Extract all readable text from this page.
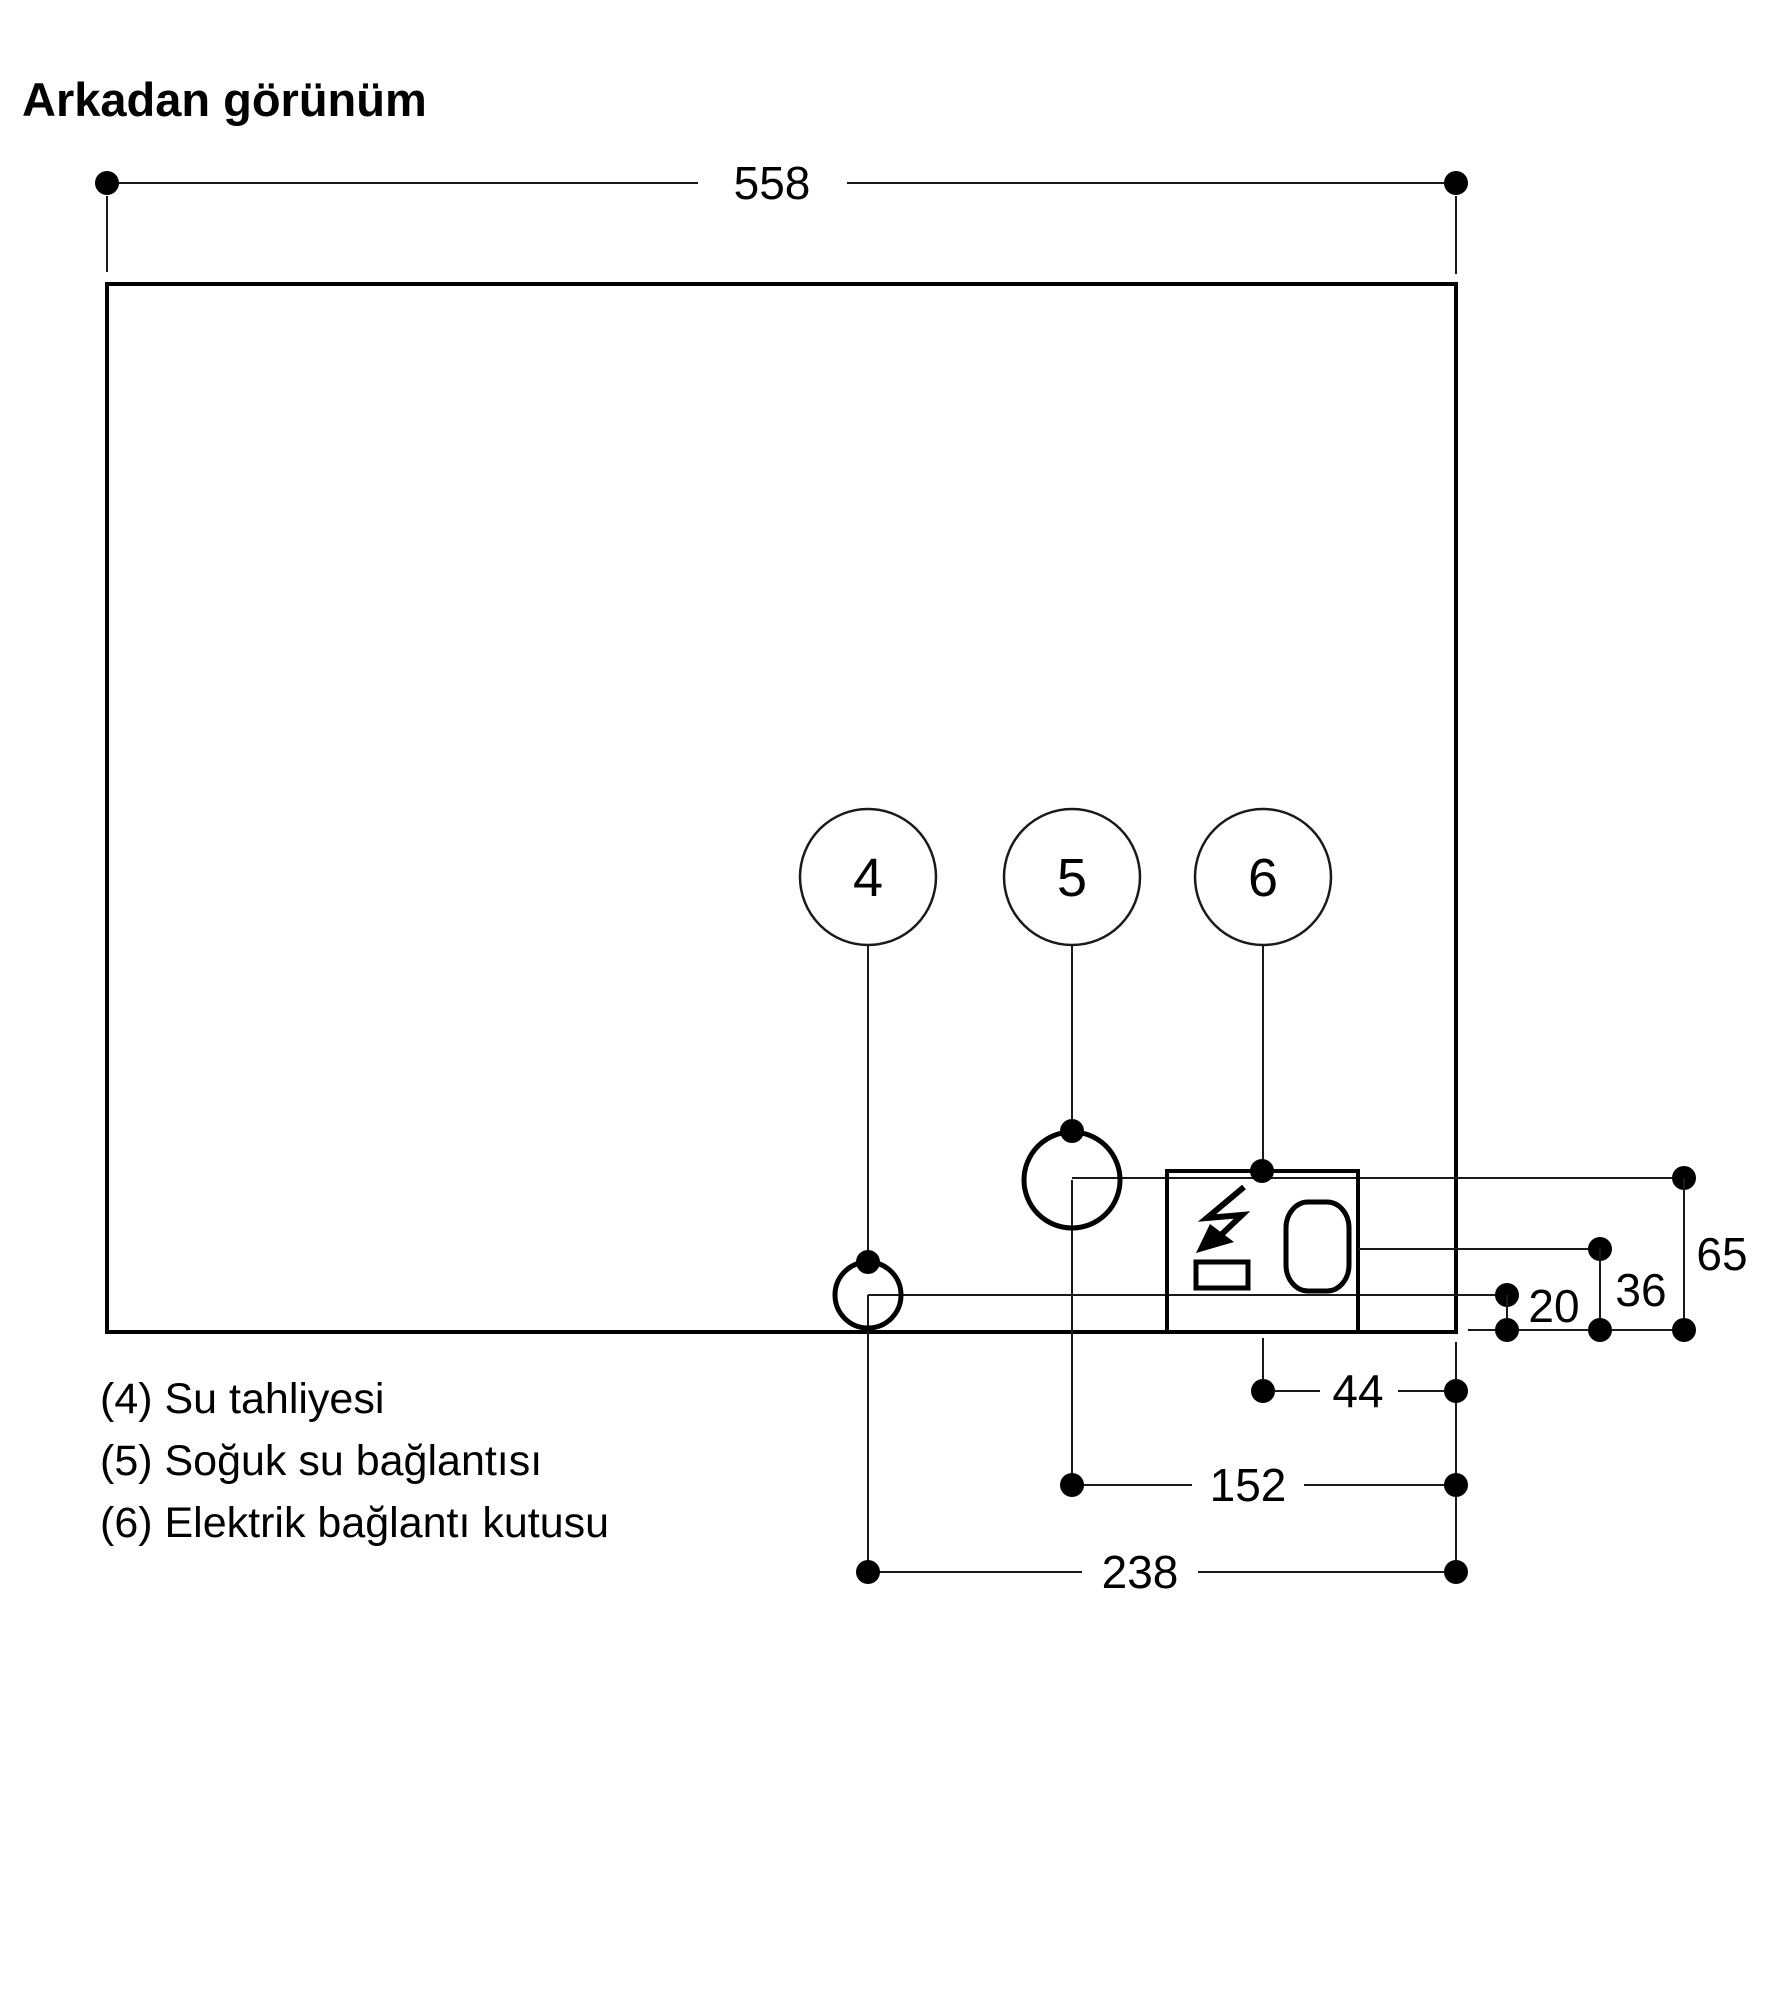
Arkadan görünüm
558
4	5	6
20 36
65
44
152
238
(4) Su tahliyesi
(5) Soğuk su bağlantısı
(6) Elektrik bağlantı kutusu
